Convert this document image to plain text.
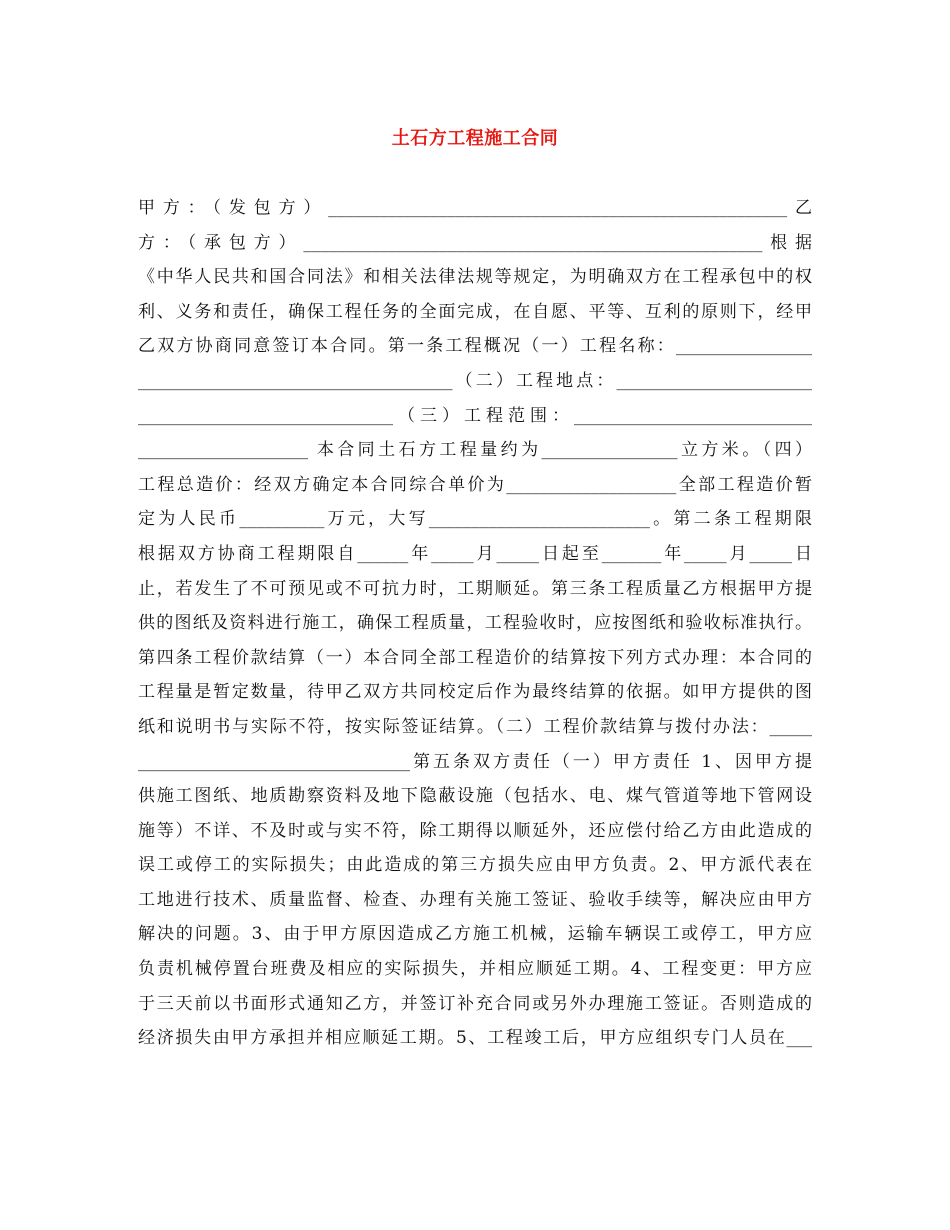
土石方工程施工合同
甲方：（发包方）______________________________________________________乙
方：（承包方）______________________________________________________根据
《中华人民共和国合同法》和相关法律法规等规定，为明确双方在工程承包中的权
利、义务和责任，确保工程任务的全面完成，在自愿、平等、互利的原则下，经甲
乙双方协商同意签订本合同。第一条工程概况（一）工程名称：________________
_____________________________________（二）工程地点：_______________________
______________________________（三）工程范围：____________________________
____________________ 本合同土石方工程量约为________________立方米。（四）
工程总造价：经双方确定本合同综合单价为____________________全部工程造价暂
定为人民币__________万元，大写__________________________。第二条工程期限
根据双方协商工程期限自______年_____月_____日起至_______年_____月_____日
止，若发生了不可预见或不可抗力时，工期顺延。第三条工程质量乙方根据甲方提
供的图纸及资料进行施工，确保工程质量，工程验收时，应按图纸和验收标准执行。
第四条工程价款结算（一）本合同全部工程造价的结算按下列方式办理：本合同的
工程量是暂定数量，待甲乙双方共同校定后作为最终结算的依据。如甲方提供的图
纸和说明书与实际不符，按实际签证结算。（二）工程价款结算与拨付办法：_____
________________________________第五条双方责任（一）甲方责任 1、因甲方提
供施工图纸、地质勘察资料及地下隐蔽设施（包括水、电、煤气管道等地下管网设
施等）不详、不及时或与实不符，除工期得以顺延外，还应偿付给乙方由此造成的
误工或停工的实际损失；由此造成的第三方损失应由甲方负责。2、甲方派代表在
工地进行技术、质量监督、检查、办理有关施工签证、验收手续等，解决应由甲方
解决的问题。3、由于甲方原因造成乙方施工机械，运输车辆误工或停工，甲方应
负责机械停置台班费及相应的实际损失，并相应顺延工期。4、工程变更：甲方应
于三天前以书面形式通知乙方，并签订补充合同或另外办理施工签证。否则造成的
经济损失由甲方承担并相应顺延工期。5、工程竣工后，甲方应组织专门人员在___
